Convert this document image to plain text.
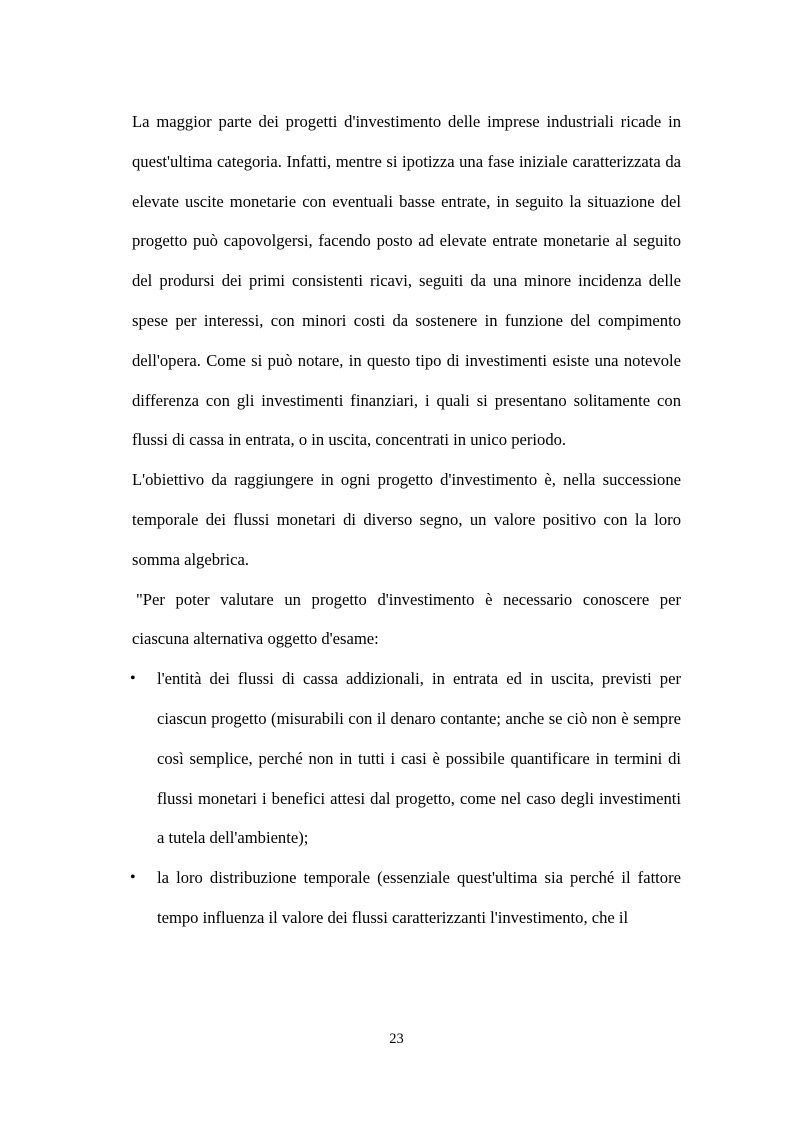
La maggior parte dei progetti d'investimento delle imprese industriali ricade in quest'ultima categoria. Infatti, mentre si ipotizza una fase iniziale caratterizzata da elevate uscite monetarie con eventuali basse entrate, in seguito la situazione del progetto può capovolgersi, facendo posto ad elevate entrate monetarie al seguito del prodursi dei primi consistenti ricavi, seguiti da una minore incidenza delle spese per interessi, con minori costi da sostenere in funzione del compimento dell'opera. Come si può notare, in questo tipo di investimenti esiste una notevole differenza con gli investimenti finanziari, i quali si presentano solitamente con flussi di cassa in entrata, o in uscita, concentrati in unico periodo.

L'obiettivo da raggiungere in ogni progetto d'investimento è, nella successione temporale dei flussi monetari di diverso segno, un valore positivo con la loro somma algebrica.

"Per poter valutare un progetto d'investimento è necessario conoscere per ciascuna alternativa oggetto d'esame:

• l'entità dei flussi di cassa addizionali, in entrata ed in uscita, previsti per ciascun progetto (misurabili con il denaro contante; anche se ciò non è sempre così semplice, perché non in tutti i casi è possibile quantificare in termini di flussi monetari i benefici attesi dal progetto, come nel caso degli investimenti a tutela dell'ambiente);
• la loro distribuzione temporale (essenziale quest'ultima sia perché il fattore tempo influenza il valore dei flussi caratterizzanti l'investimento, che il
23
